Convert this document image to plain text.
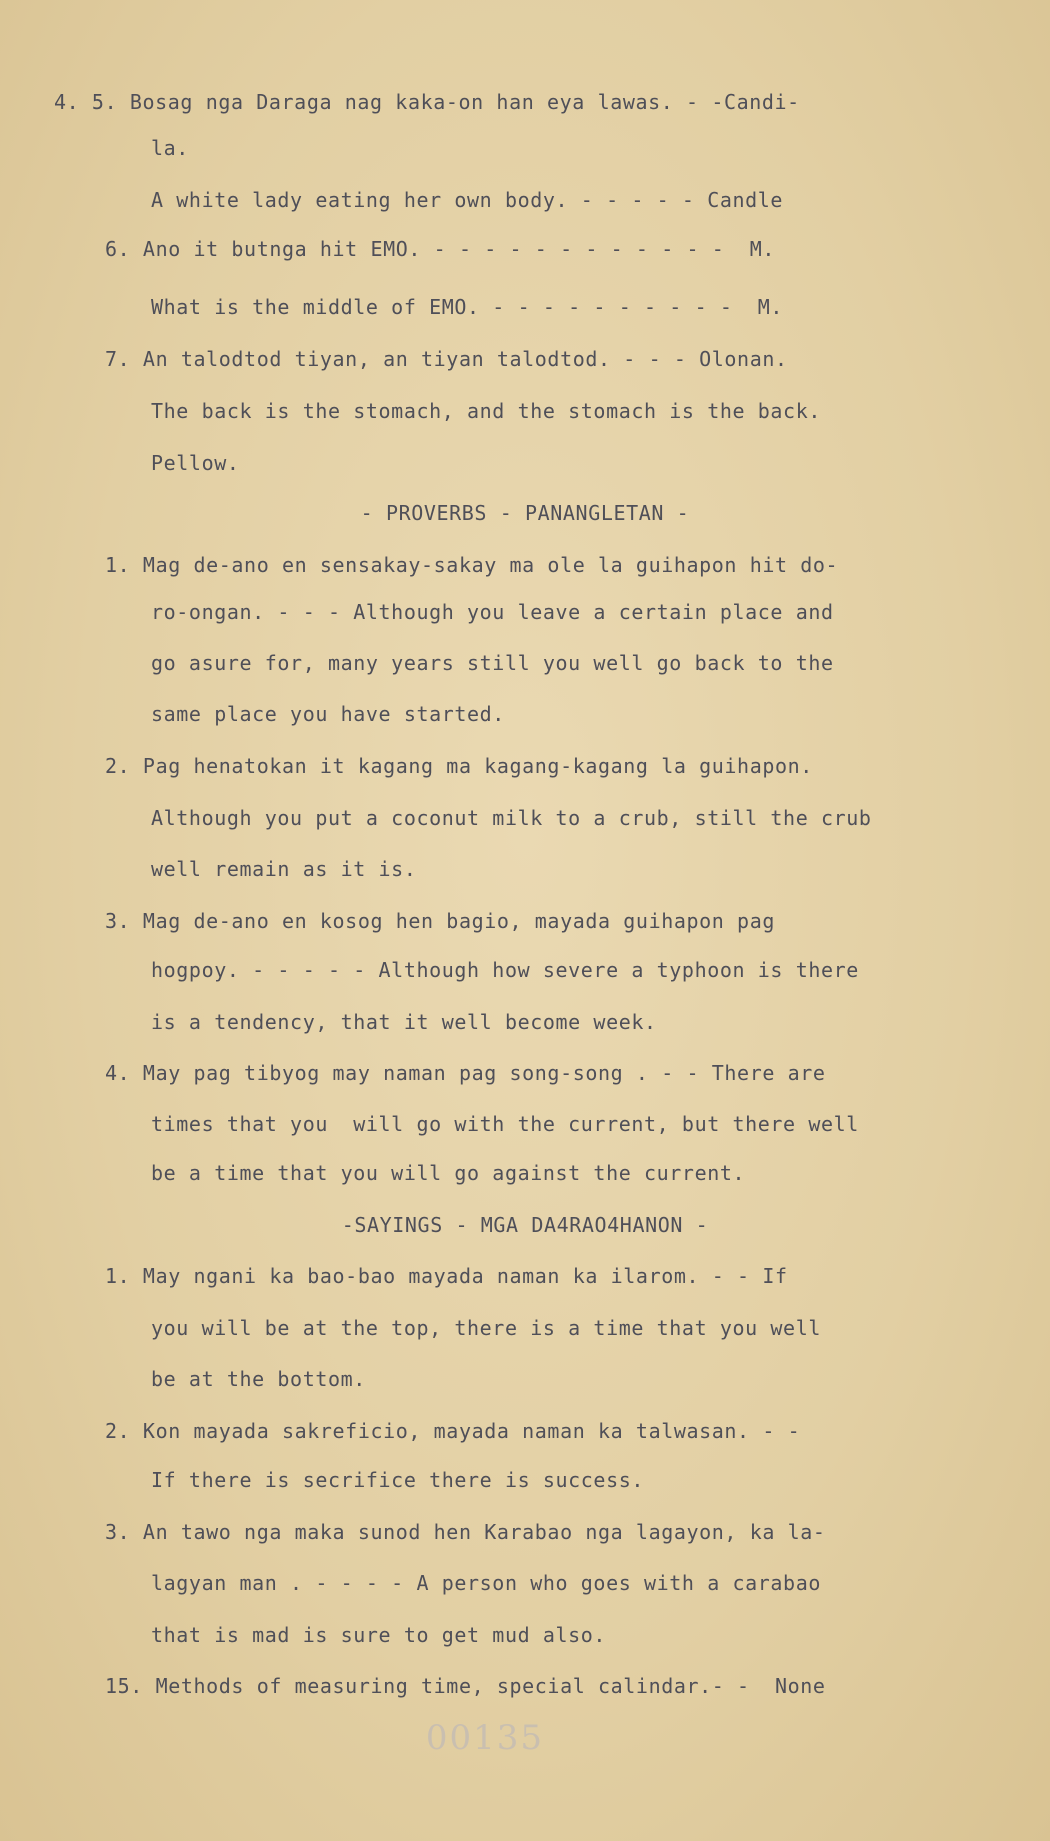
4. 5. Bosag nga Daraga nag kaka-on han eya lawas. - -Candi-
la.
A white lady eating her own body. - - - - - Candle
6. Ano it butnga hit EMO. - - - - - - - - - - - -  M.
What is the middle of EMO. - - - - - - - - - -  M.
7. An talodtod tiyan, an tiyan talodtod. - - - Olonan.
The back is the stomach, and the stomach is the back.
Pellow.
- PROVERBS - PANANGLETAN -
1. Mag de-ano en sensakay-sakay ma ole la guihapon hit do-
ro-ongan. - - - Although you leave a certain place and
go asure for, many years still you well go back to the
same place you have started.
2. Pag henatokan it kagang ma kagang-kagang la guihapon.
Although you put a coconut milk to a crub, still the crub
well remain as it is.
3. Mag de-ano en kosog hen bagio, mayada guihapon pag
hogpoy. - - - - - Although how severe a typhoon is there
is a tendency, that it well become week.
4. May pag tibyog may naman pag song-song . - - There are
times that you  will go with the current, but there well
be a time that you will go against the current.
-SAYINGS - MGA DA4RAO4HANON -
1. May ngani ka bao-bao mayada naman ka ilarom. - - If
you will be at the top, there is a time that you well
be at the bottom.
2. Kon mayada sakreficio, mayada naman ka talwasan. - -
If there is secrifice there is success.
3. An tawo nga maka sunod hen Karabao nga lagayon, ka la-
lagyan man . - - - - A person who goes with a carabao
that is mad is sure to get mud also.
15. Methods of measuring time, special calindar.- -  None
00135
